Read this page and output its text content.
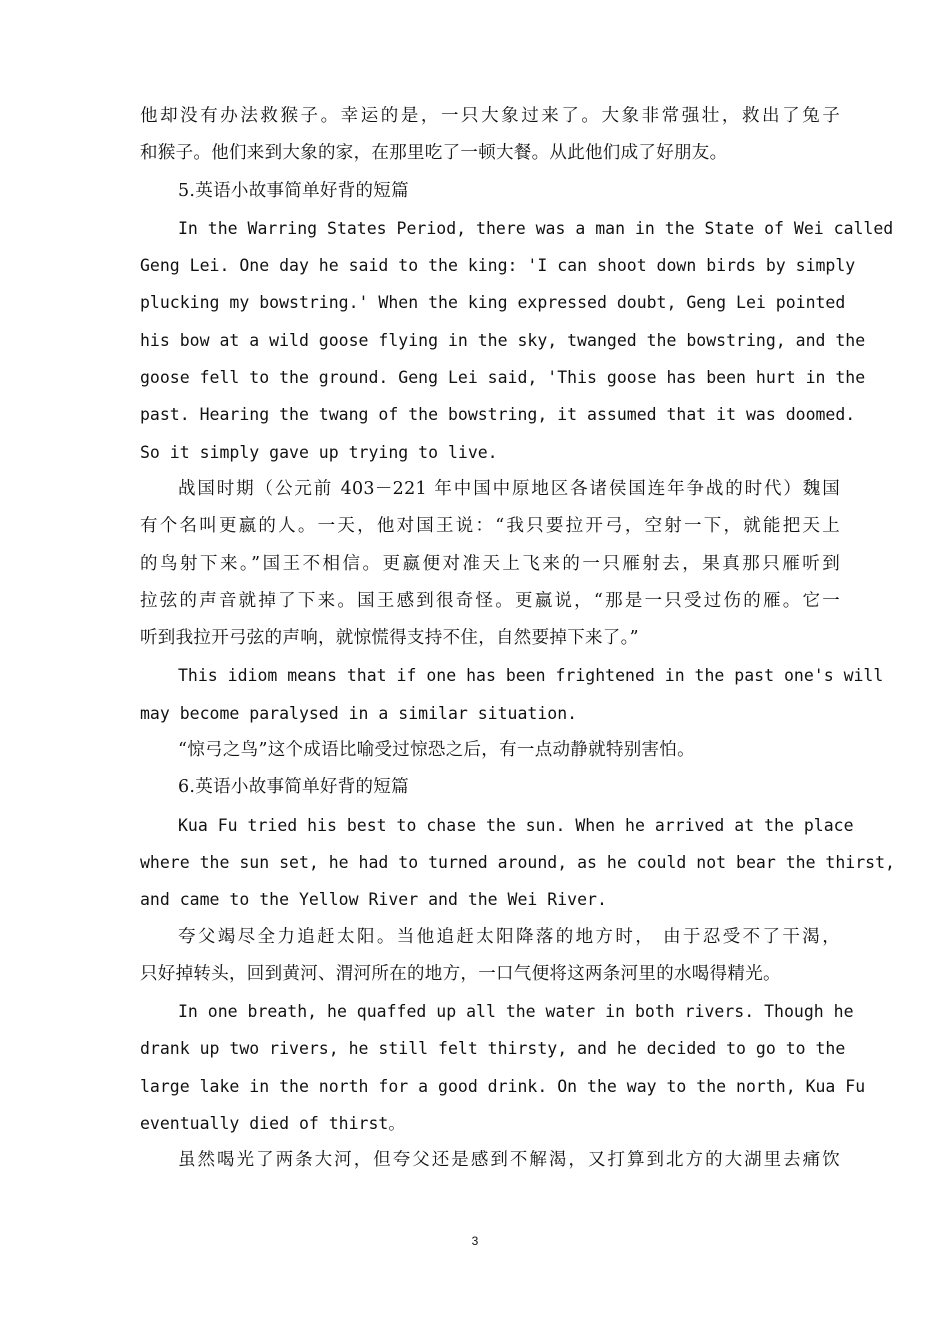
他却没有办法救猴子。幸运的是，一只大象过来了。大象非常强壮，救出了兔子
和猴子。他们来到大象的家，在那里吃了一顿大餐。从此他们成了好朋友。
5.英语小故事简单好背的短篇
In the Warring States Period, there was a man in the State of Wei called
Geng Lei. One day he said to the king: 'I can shoot down birds by simply
plucking my bowstring.' When the king expressed doubt, Geng Lei pointed
his bow at a wild goose flying in the sky, twanged the bowstring, and the
goose fell to the ground. Geng Lei said, 'This goose has been hurt in the
past. Hearing the twang of the bowstring, it assumed that it was doomed.
So it simply gave up trying to live.
战国时期（公元前 403－221 年中国中原地区各诸侯国连年争战的时代）魏国
有个名叫更嬴的人。一天，他对国王说：“我只要拉开弓，空射一下，就能把天上
的鸟射下来。”国王不相信。更嬴便对准天上飞来的一只雁射去，果真那只雁听到
拉弦的声音就掉了下来。国王感到很奇怪。更嬴说，“那是一只受过伤的雁。它一
听到我拉开弓弦的声响，就惊慌得支持不住，自然要掉下来了。”
This idiom means that if one has been frightened in the past one's will
may become paralysed in a similar situation.
“惊弓之鸟”这个成语比喻受过惊恐之后，有一点动静就特别害怕。
6.英语小故事简单好背的短篇
Kua Fu tried his best to chase the sun. When he arrived at the place
where the sun set, he had to turned around, as he could not bear the thirst,
and came to the Yellow River and the Wei River.
夸父竭尽全力追赶太阳。当他追赶太阳降落的地方时， 由于忍受不了干渴，
只好掉转头，回到黄河、渭河所在的地方，一口气便将这两条河里的水喝得精光。
In one breath, he quaffed up all the water in both rivers. Though he
drank up two rivers, he still felt thirsty, and he decided to go to the
large lake in the north for a good drink. On the way to the north, Kua Fu
eventually died of thirst。
虽然喝光了两条大河，但夸父还是感到不解渴，又打算到北方的大湖里去痛饮
3
